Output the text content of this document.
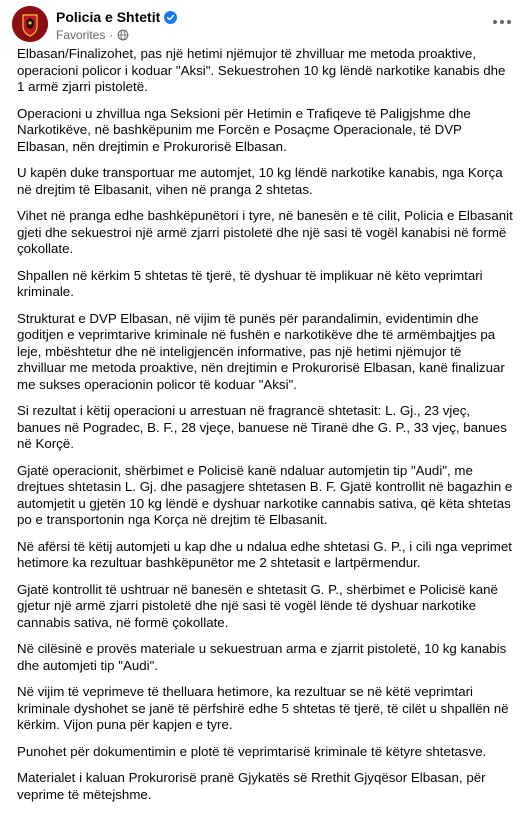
Policia e Shtetit
Favorites ·

Elbasan/Finalizohet, pas një hetimi njëmujor të zhvilluar me metoda proaktive, operacioni policor i koduar "Aksi". Sekuestrohen 10 kg lëndë narkotike kanabis dhe 1 armë zjarri pistoletë.

Operacioni u zhvillua nga Seksioni për Hetimin e Trafiqeve të Paligjshme dhe Narkotikëve, në bashkëpunim me Forcën e Posaçme Operacionale, të DVP Elbasan, nën drejtimin e Prokurorisë Elbasan.

U kapën duke transportuar me automjet, 10 kg lëndë narkotike kanabis, nga Korça në drejtim të Elbasanit, vihen në pranga 2 shtetas.

Vihet në pranga edhe bashkëpunëtori i tyre, në banesën e të cilit, Policia e Elbasanit gjeti dhe sekuestroi një armë zjarri pistoletë dhe një sasi të vogël kanabisi në formë çokollate.

Shpallen në kërkim 5 shtetas të tjerë, të dyshuar të implikuar në këto veprimtari kriminale.

Strukturat e DVP Elbasan, në vijim të punës për parandalimin, evidentimin dhe goditjen e veprimtarive kriminale në fushën e narkotikëve dhe të armëmbajtjes pa leje, mbështetur dhe në inteligjencën informative, pas një hetimi njëmujor të zhvilluar me metoda proaktive, nën drejtimin e Prokurorisë Elbasan, kanë finalizuar me sukses operacionin policor të koduar "Aksi".

Si rezultat i këtij operacioni u arrestuan në fragrancë shtetasit: L. Gj., 23 vjeç, banues në Pogradec, B. F., 28 vjeçe, banuese në Tiranë dhe G. P., 33 vjeç, banues në Korçë.

Gjatë operacionit, shërbimet e Policisë kanë ndaluar automjetin tip "Audi", me drejtues shtetasin L. Gj. dhe pasagjere shtetasen B. F. Gjatë kontrollit në bagazhin e automjetit u gjetën 10 kg lëndë e dyshuar narkotike cannabis sativa, që këta shtetas po e transportonin nga Korça në drejtim të Elbasanit.

Në afërsi të këtij automjeti u kap dhe u ndalua edhe shtetasi G. P., i cili nga veprimet hetimore ka rezultuar bashkëpunëtor me 2 shtetasit e lartpërmendur.

Gjatë kontrollit të ushtruar në banesën e shtetasit G. P., shërbimet e Policisë kanë gjetur një armë zjarri pistoletë dhe një sasi të vogël lënde të dyshuar narkotike cannabis sativa, në formë çokollate.

Në cilësinë e provës materiale u sekuestruan arma e zjarrit pistoletë, 10 kg kanabis dhe automjeti tip "Audi".

Në vijim të veprimeve të thelluara hetimore, ka rezultuar se në këtë veprimtari kriminale dyshohet se janë të përfshirë edhe 5 shtetas të tjerë, të cilët u shpallën në kërkim. Vijon puna për kapjen e tyre.

Punohet për dokumentimin e plotë të veprimtarisë kriminale të këtyre shtetasve.

Materialet i kaluan Prokurorisë pranë Gjykatës së Rrethit Gjyqësor Elbasan, për veprime të mëtejshme.
